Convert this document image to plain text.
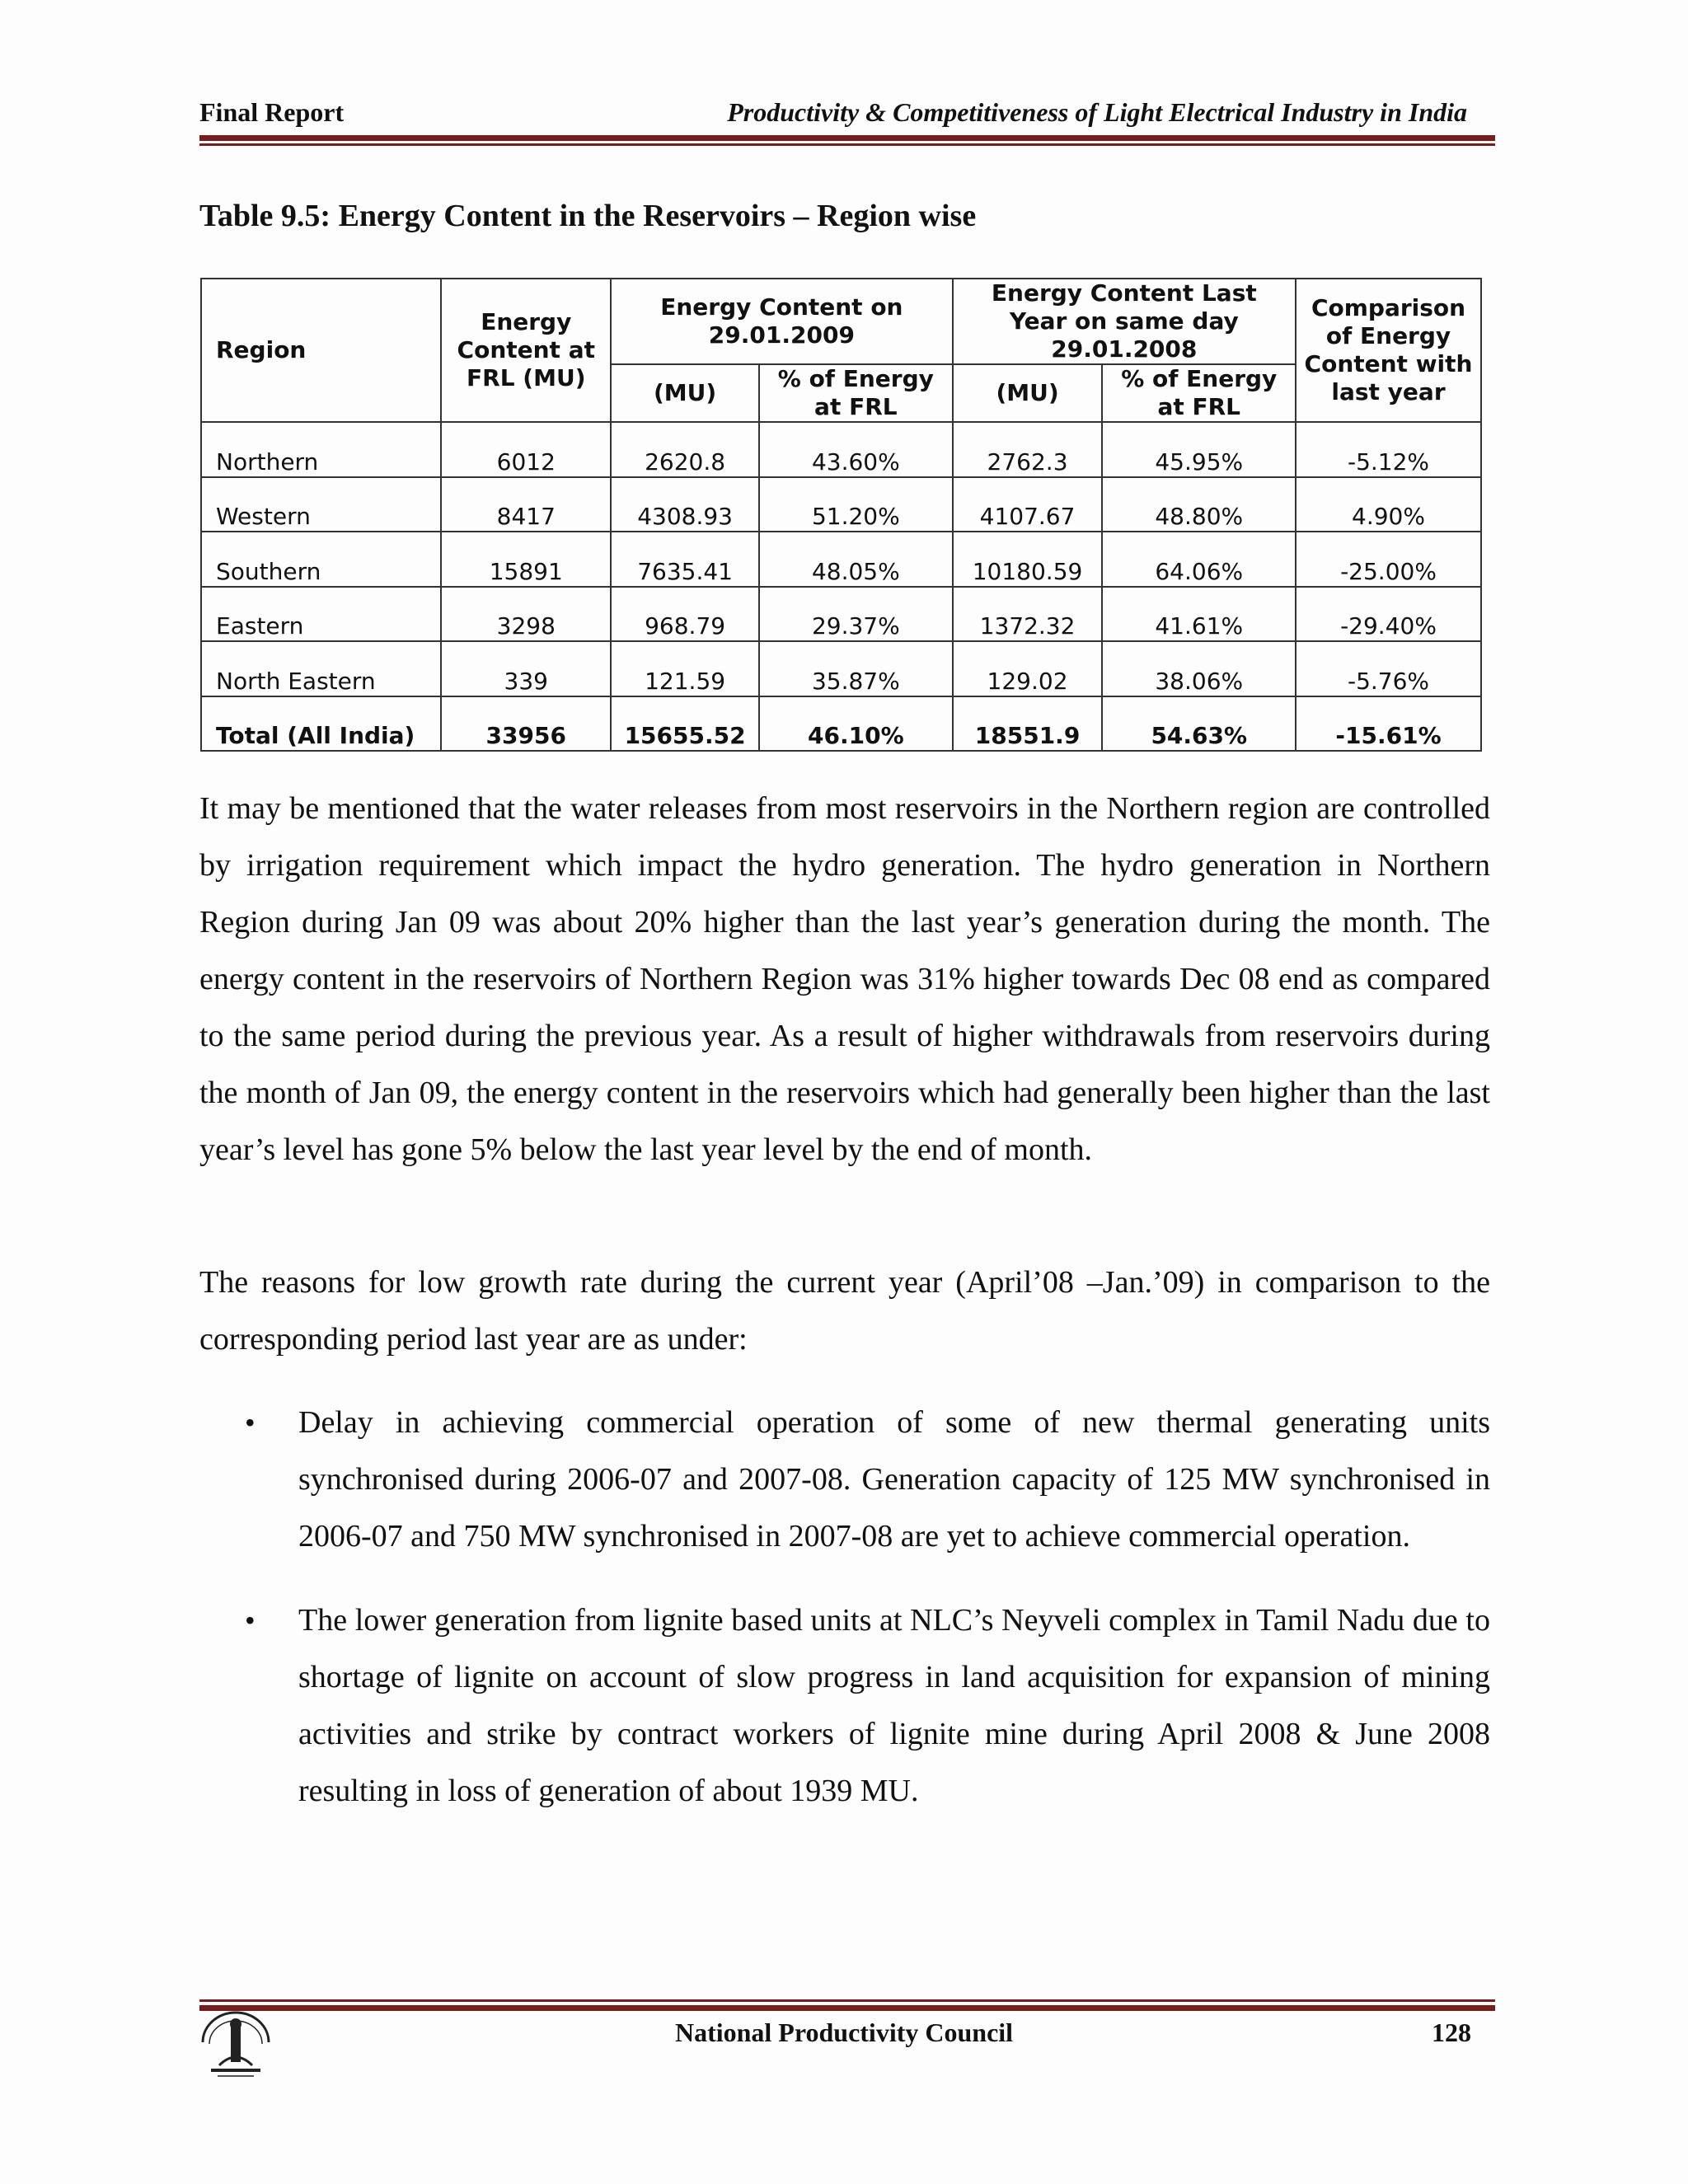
Final Report	Productivity & Competitiveness of Light Electrical Industry in India
Table 9.5: Energy Content in the Reservoirs – Region wise
Region	Energy Content at FRL (MU)	Energy Content on 29.01.2009		Energy Content Last Year on same day 29.01.2008		Comparison of Energy Content with last year
		(MU)	% of Energy at FRL	(MU)	% of Energy at FRL	
Northern	6012	2620.8	43.60%	2762.3	45.95%	-5.12%
Western	8417	4308.93	51.20%	4107.67	48.80%	4.90%
Southern	15891	7635.41	48.05%	10180.59	64.06%	-25.00%
Eastern	3298	968.79	29.37%	1372.32	41.61%	-29.40%
North Eastern	339	121.59	35.87%	129.02	38.06%	-5.76%
Total (All India)	33956	15655.52	46.10%	18551.9	54.63%	-15.61%
It may be mentioned that the water releases from most reservoirs in the Northern region are controlled by irrigation requirement which impact the hydro generation. The hydro generation in Northern Region during Jan 09 was about 20% higher than the last year’s generation during the month. The energy content in the reservoirs of Northern Region was 31% higher towards Dec 08 end as compared to the same period during the previous year. As a result of higher withdrawals from reservoirs during the month of Jan 09, the energy content in the reservoirs which had generally been higher than the last year’s level has gone 5% below the last year level by the end of month.
The reasons for low growth rate during the current year (April’08 –Jan.’09) in comparison to the corresponding period last year are as under:
• Delay in achieving commercial operation of some of new thermal generating units synchronised during 2006-07 and 2007-08. Generation capacity of 125 MW synchronised in 2006-07 and 750 MW synchronised in 2007-08 are yet to achieve commercial operation.
• The lower generation from lignite based units at NLC’s Neyveli complex in Tamil Nadu due to shortage of lignite on account of slow progress in land acquisition for expansion of mining activities and strike by contract workers of lignite mine during April 2008 & June 2008 resulting in loss of generation of about 1939 MU.
National Productivity Council	128
